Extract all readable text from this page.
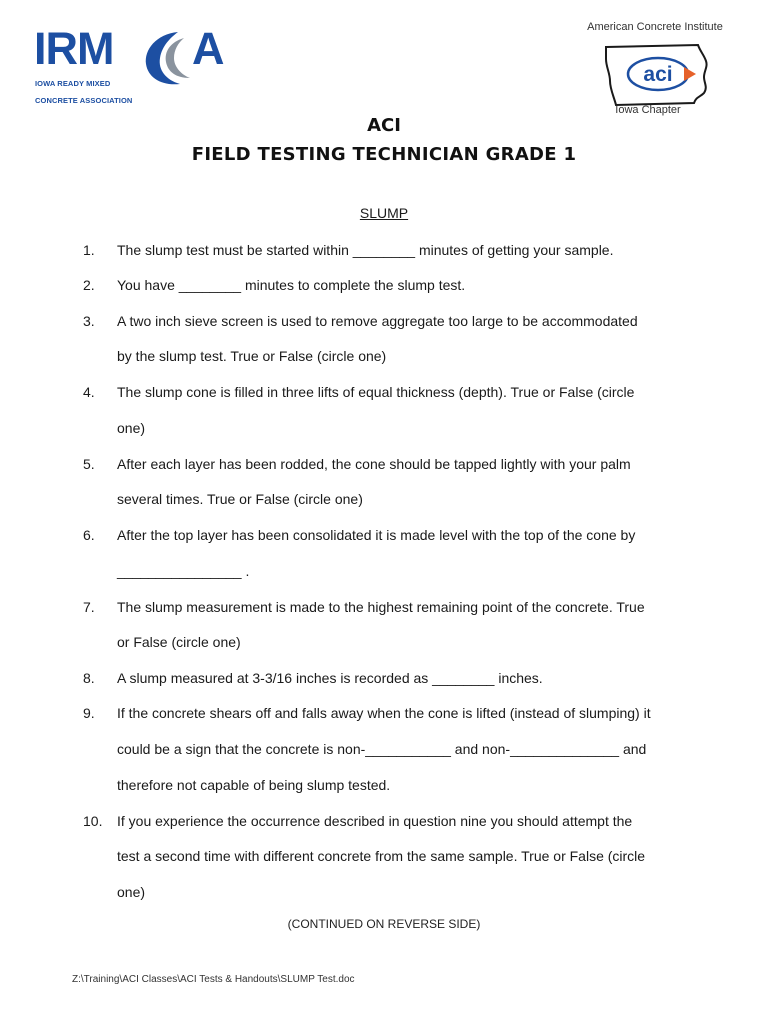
IRM A

IOWA READY MIXED

CONCRETE ASSOCIATION

American Concrete Institute
aci
Iowa Chapter
ACI
FIELD TESTING TECHNICIAN GRADE 1
SLUMP
1. The slump test must be started within ________ minutes of getting your sample.
2. You have ________ minutes to complete the slump test.
3. A two inch sieve screen is used to remove aggregate too large to be accommodated
by the slump test. True or False (circle one)
4. The slump cone is filled in three lifts of equal thickness (depth). True or False (circle
one)
5. After each layer has been rodded, the cone should be tapped lightly with your palm
several times. True or False (circle one)
6. After the top layer has been consolidated it is made level with the top of the cone by
________________ .
7. The slump measurement is made to the highest remaining point of the concrete. True
or False (circle one)
8. A slump measured at 3-3/16 inches is recorded as ________ inches.
9. If the concrete shears off and falls away when the cone is lifted (instead of slumping) it
could be a sign that the concrete is non-___________ and non-______________ and
therefore not capable of being slump tested.
10. If you experience the occurrence described in question nine you should attempt the
test a second time with different concrete from the same sample. True or False (circle
one)
(CONTINUED ON REVERSE SIDE)
Z:\Training\ACI Classes\ACI Tests & Handouts\SLUMP Test.doc
